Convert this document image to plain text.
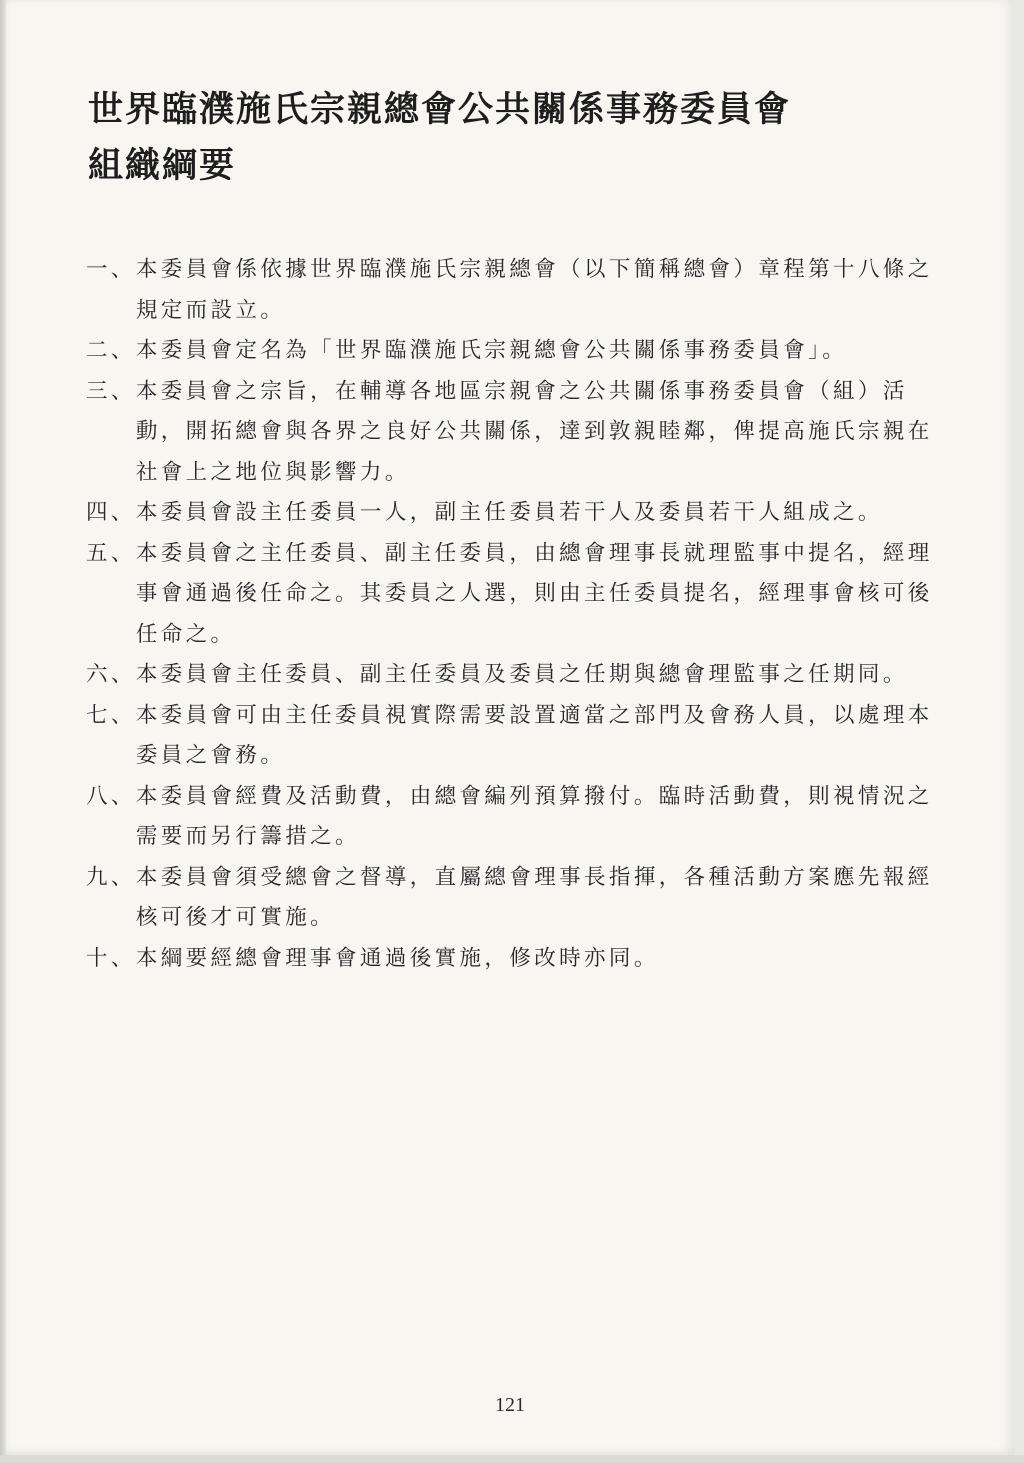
世界臨濮施氏宗親總會公共關係事務委員會
組織綱要
一、 本委員會係依據世界臨濮施氏宗親總會（以下簡稱總會）章程第十八條之規定而設立。
二、 本委員會定名為「世界臨濮施氏宗親總會公共關係事務委員會」。
三、 本委員會之宗旨，在輔導各地區宗親會之公共關係事務委員會（組）活動，開拓總會與各界之良好公共關係，達到敦親睦鄰，俾提高施氏宗親在社會上之地位與影響力。
四、 本委員會設主任委員一人，副主任委員若干人及委員若干人組成之。
五、 本委員會之主任委員、副主任委員，由總會理事長就理監事中提名，經理事會通過後任命之。其委員之人選，則由主任委員提名，經理事會核可後任命之。
六、 本委員會主任委員、副主任委員及委員之任期與總會理監事之任期同。
七、 本委員會可由主任委員視實際需要設置適當之部門及會務人員，以處理本委員之會務。
八、 本委員會經費及活動費，由總會編列預算撥付。臨時活動費，則視情況之需要而另行籌措之。
九、 本委員會須受總會之督導，直屬總會理事長指揮，各種活動方案應先報經核可後才可實施。
十、 本綱要經總會理事會通過後實施，修改時亦同。
121
